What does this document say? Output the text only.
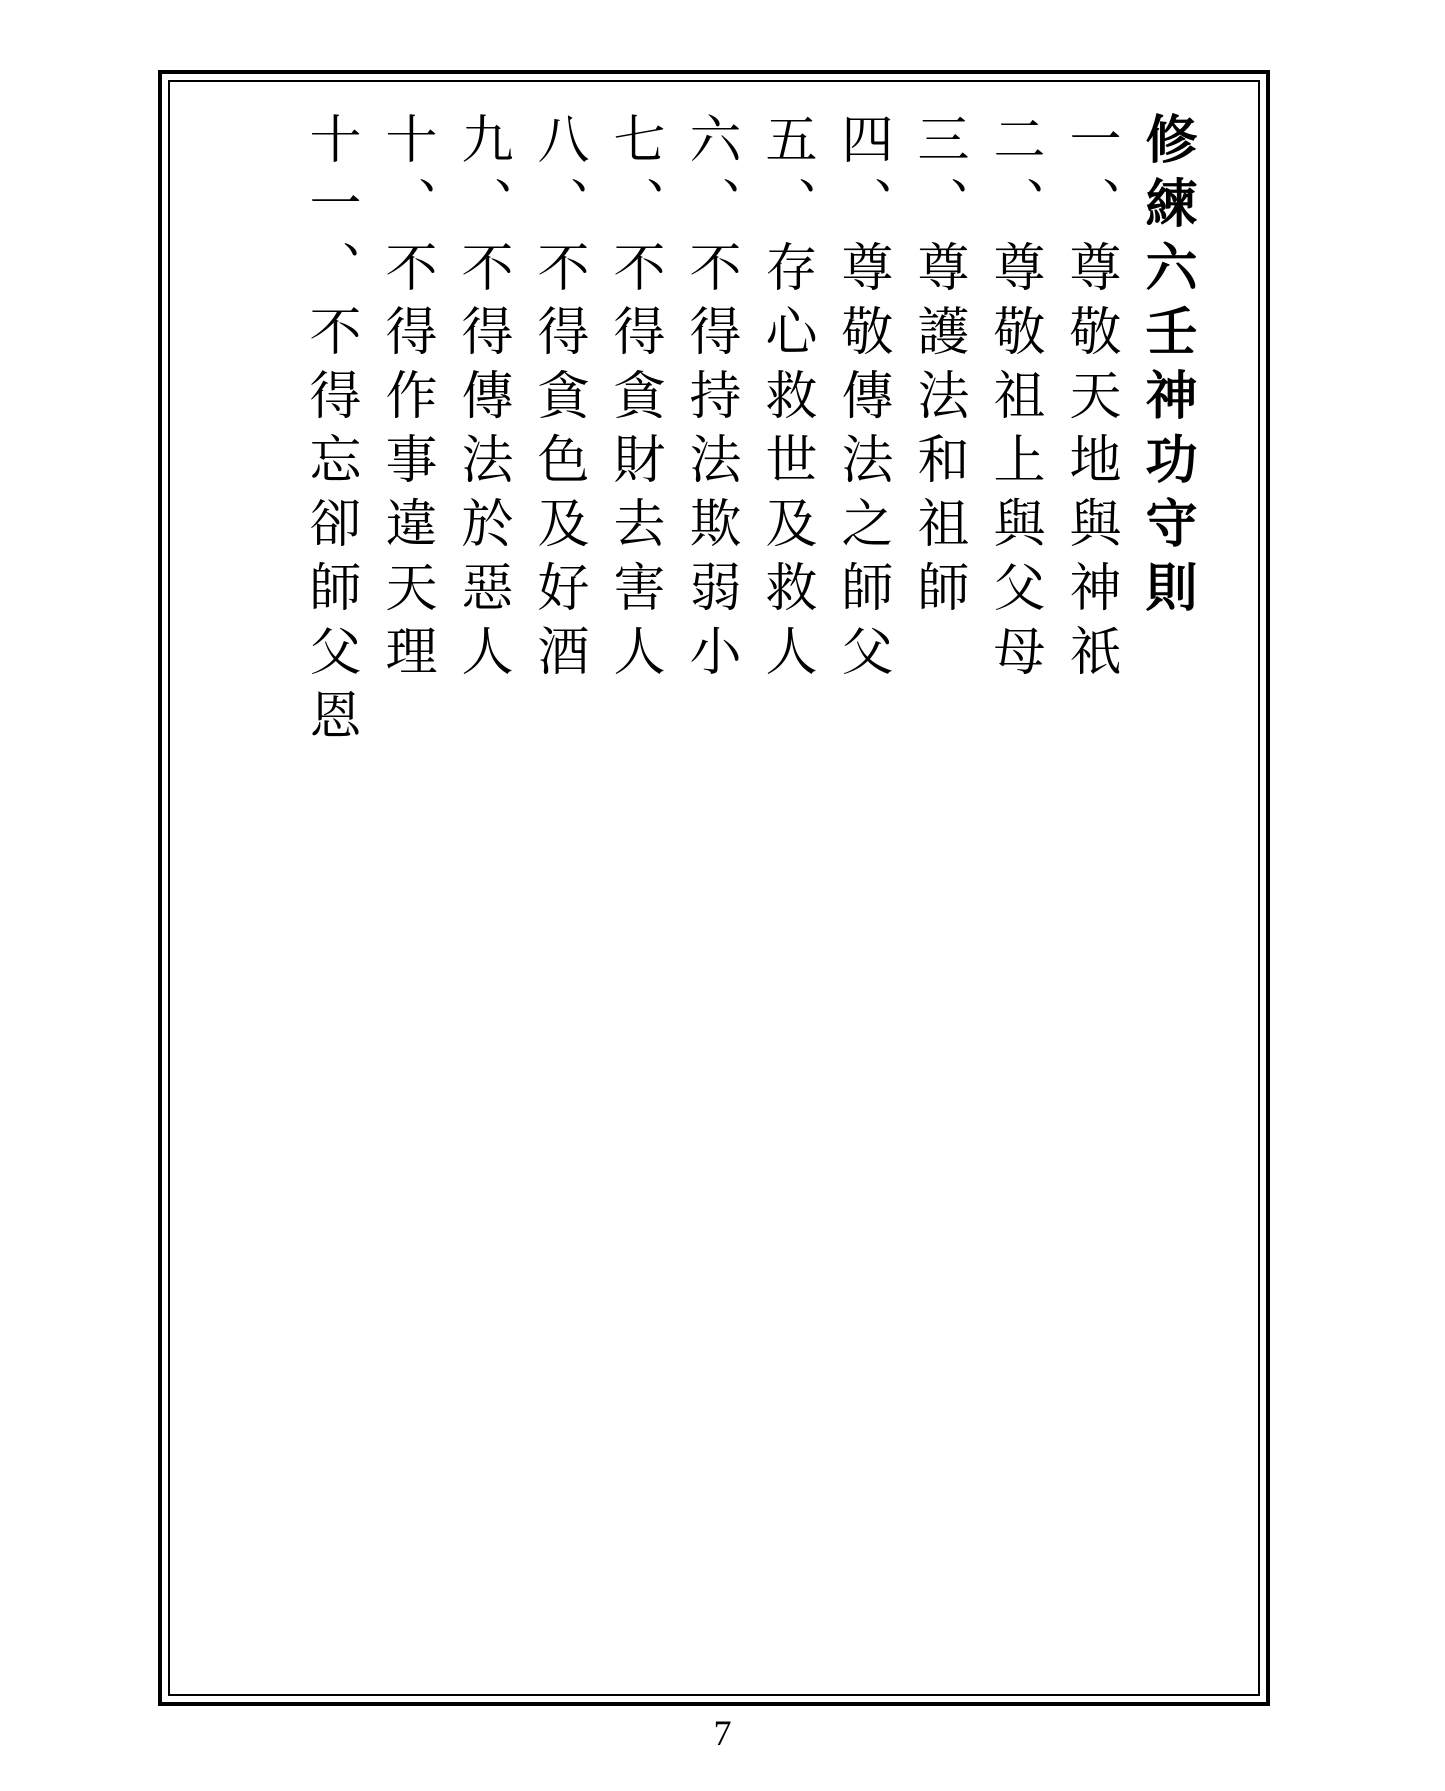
修練六壬神功守則
一、尊敬天地與神祇
二、尊敬祖上與父母
三、尊護法和祖師
四、尊敬傳法之師父
五、存心救世及救人
六、不得持法欺弱小
七、不得貪財去害人
八、不得貪色及好酒
九、不得傳法於惡人
十、不得作事違天理
十一、不得忘卻師父恩
7
